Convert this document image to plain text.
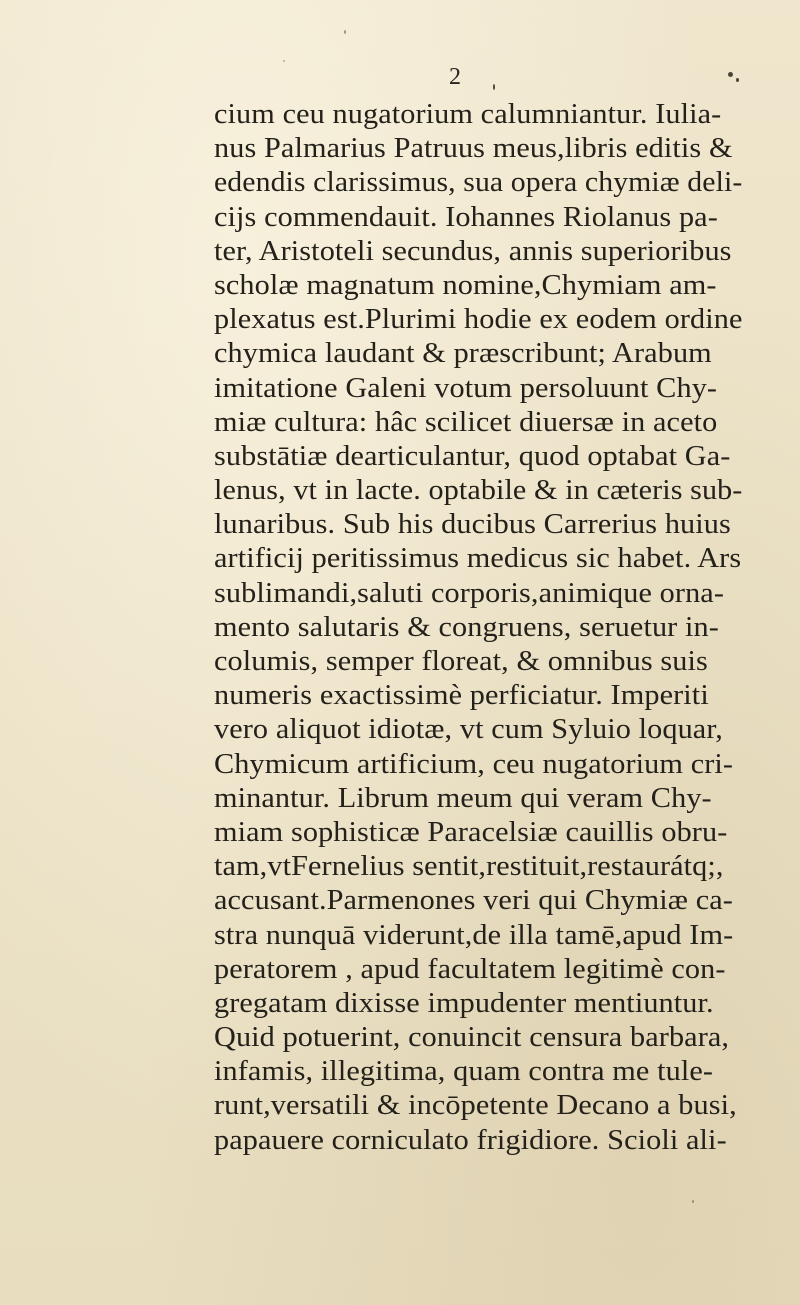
2
cium ceu nugatorium calumniantur. Iulia-
nus Palmarius Patruus meus,libris editis &
edendis clarissimus, sua opera chymiæ deli-
cijs commendauit. Iohannes Riolanus pa-
ter, Aristoteli secundus, annis superioribus
scholæ magnatum nomine,Chymiam am-
plexatus est.Plurimi hodie ex eodem ordine
chymica laudant & præscribunt; Arabum
imitatione Galeni votum persoluunt Chy-
miæ cultura: hâc scilicet diuersæ in aceto
substātiæ dearticulantur, quod optabat Ga-
lenus, vt in lacte. optabile & in cæteris sub-
lunaribus. Sub his ducibus Carrerius huius
artificij peritissimus medicus sic habet. Ars
sublimandi,saluti corporis,animique orna-
mento salutaris & congruens, seruetur in-
columis, semper floreat, & omnibus suis
numeris exactissimè perficiatur. Imperiti
vero aliquot idiotæ, vt cum Syluio loquar,
Chymicum artificium, ceu nugatorium cri-
minantur. Librum meum qui veram Chy-
miam sophisticæ Paracelsiæ cauillis obru-
tam,vtFernelius sentit,restituit,restaurátq;,
accusant.Parmenones veri qui Chymiæ ca-
stra nunquā viderunt,de illa tamē,apud Im-
peratorem , apud facultatem legitimè con-
gregatam dixisse impudenter mentiuntur.
Quid potuerint, conuincit censura barbara,
infamis, illegitima, quam contra me tule-
runt,versatili & incōpetente Decano a busi,
papauere corniculato frigidiore. Scioli ali-
